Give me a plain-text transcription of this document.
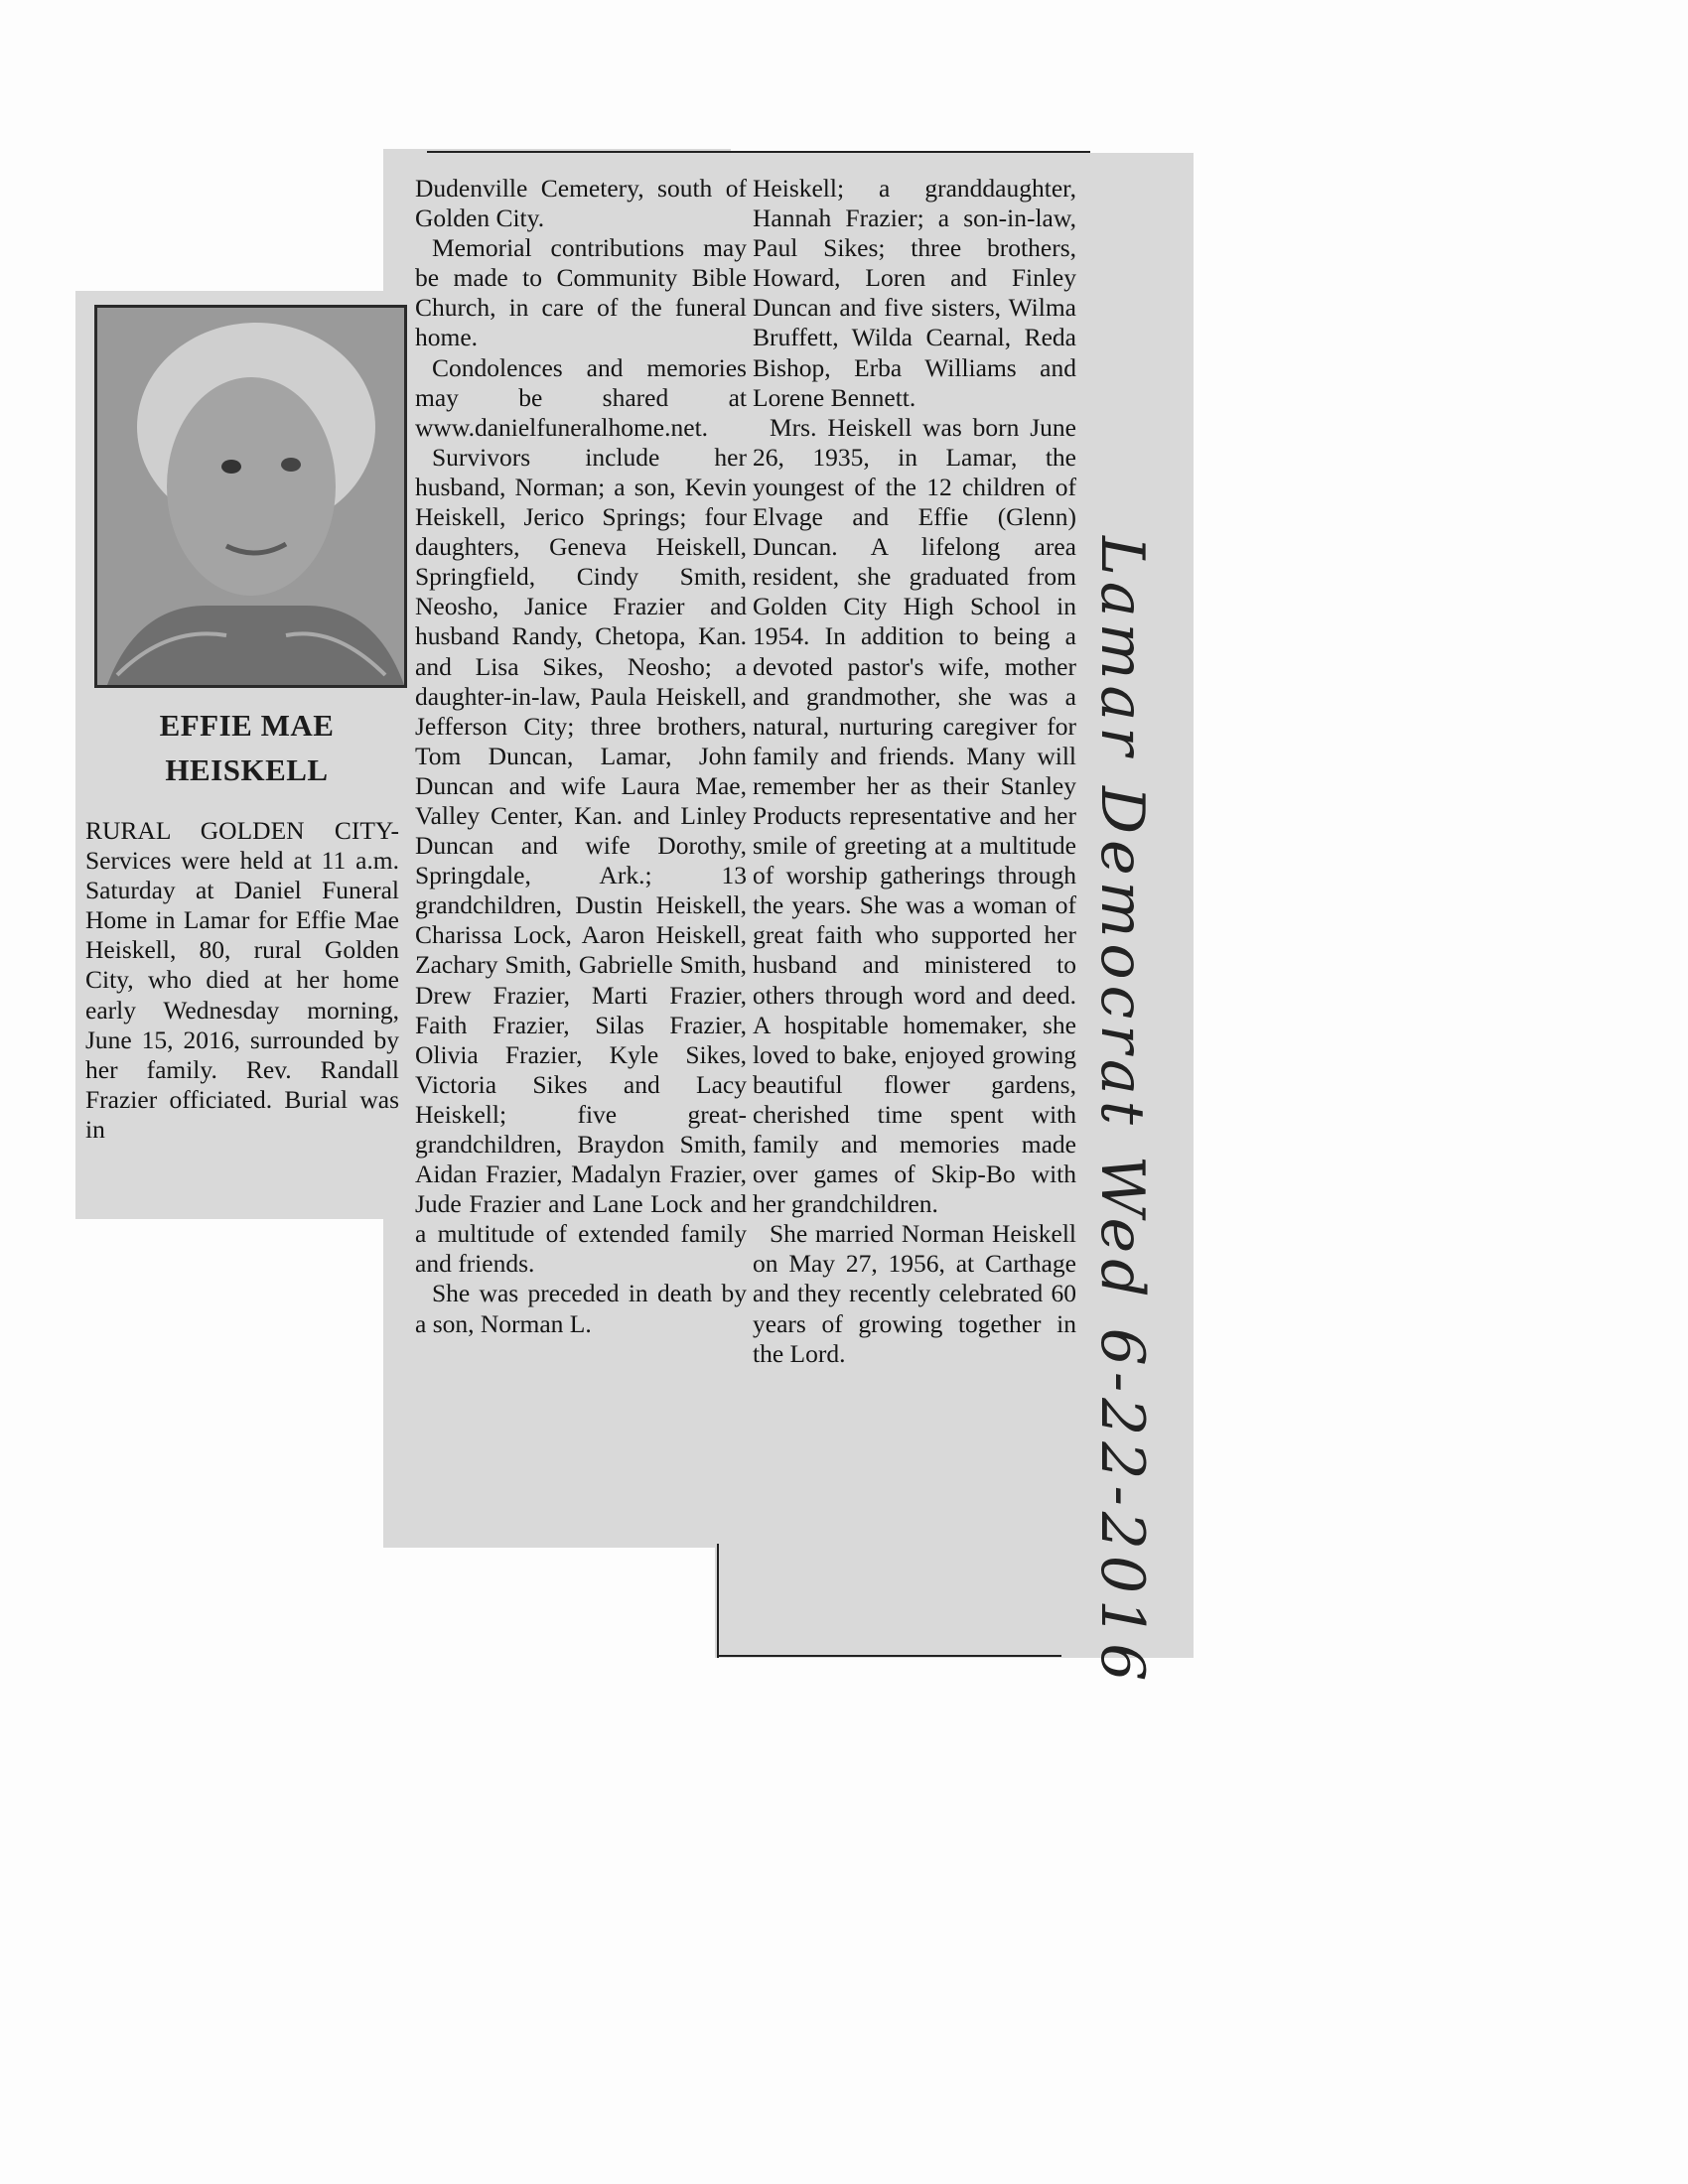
EFFIE MAE
HEISKELL

RURAL GOLDEN CITY-Services were held at 11 a.m. Saturday at Daniel Funeral Home in Lamar for Effie Mae Heiskell, 80, rural Golden City, who died at her home early Wednesday morning, June 15, 2016, surrounded by her family. Rev. Randall Frazier officiated. Burial was in

Dudenville Cemetery, south of Golden City.

Memorial contributions may be made to Community Bible Church, in care of the funeral home.

Condolences and memories may be shared at www.danielfuneralhome.net.

Survivors include her husband, Norman; a son, Kevin Heiskell, Jerico Springs; four daughters, Geneva Heiskell, Springfield, Cindy Smith, Neosho, Janice Frazier and husband Randy, Chetopa, Kan. and Lisa Sikes, Neosho; a daughter-in-law, Paula Heiskell, Jefferson City; three brothers, Tom Duncan, Lamar, John Duncan and wife Laura Mae, Valley Center, Kan. and Linley Duncan and wife Dorothy, Springdale, Ark.; 13 grandchildren, Dustin Heiskell, Charissa Lock, Aaron Heiskell, Zachary Smith, Gabrielle Smith, Drew Frazier, Marti Frazier, Faith Frazier, Silas Frazier, Olivia Frazier, Kyle Sikes, Victoria Sikes and Lacy Heiskell; five great-grandchildren, Braydon Smith, Aidan Frazier, Madalyn Frazier, Jude Frazier and Lane Lock and a multitude of extended family and friends.

She was preceded in death by a son, Norman L.

Heiskell; a granddaughter, Hannah Frazier; a son-in-law, Paul Sikes; three brothers, Howard, Loren and Finley Duncan and five sisters, Wilma Bruffett, Wilda Cearnal, Reda Bishop, Erba Williams and Lorene Bennett.

Mrs. Heiskell was born June 26, 1935, in Lamar, the youngest of the 12 children of Elvage and Effie (Glenn) Duncan. A lifelong area resident, she graduated from Golden City High School in 1954. In addition to being a devoted pastor's wife, mother and grandmother, she was a natural, nurturing caregiver for family and friends. Many will remember her as their Stanley Products representative and her smile of greeting at a multitude of worship gatherings through the years. She was a woman of great faith who supported her husband and ministered to others through word and deed. A hospitable homemaker, she loved to bake, enjoyed growing beautiful flower gardens, cherished time spent with family and memories made over games of Skip-Bo with her grandchildren.

She married Norman Heiskell on May 27, 1956, at Carthage and they recently celebrated 60 years of growing together in the Lord.	Lamar Democrat Wed 6-22-2016
